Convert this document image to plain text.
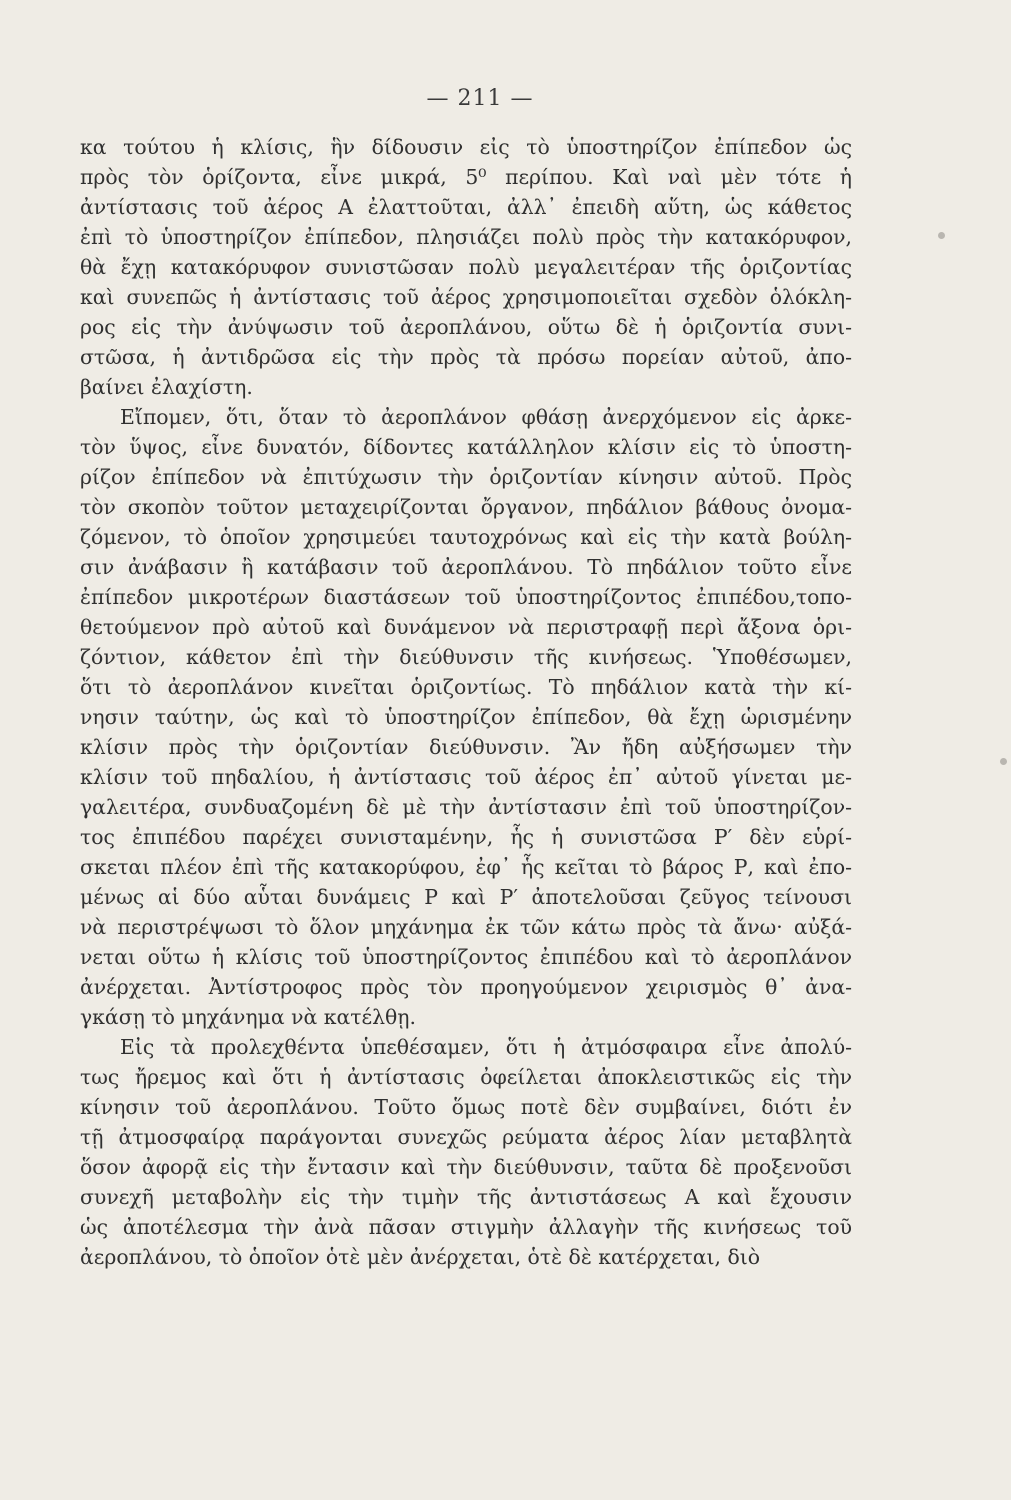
— 211 —
κα τούτου ἡ κλίσις, ἣν δίδουσιν εἰς τὸ ὑποστηρίζον ἐπίπεδον ὡς
πρὸς τὸν ὁρίζοντα, εἶνε μικρά, 5⁰ περίπου. Καὶ ναὶ μὲν τότε ἡ
ἀντίστασις τοῦ ἀέρος Α ἐλαττοῦται, ἀλλ᾽ ἐπειδὴ αὕτη, ὡς κάθετος
ἐπὶ τὸ ὑποστηρίζον ἐπίπεδον, πλησιάζει πολὺ πρὸς τὴν κατακόρυφον,
θὰ ἔχῃ κατακόρυφον συνιστῶσαν πολὺ μεγαλειτέραν τῆς ὁριζοντίας
καὶ συνεπῶς ἡ ἀντίστασις τοῦ ἀέρος χρησιμοποιεῖται σχεδὸν ὁλόκλη-
ρος εἰς τὴν ἀνύψωσιν τοῦ ἀεροπλάνου, οὕτω δὲ ἡ ὁριζοντία συνι-
στῶσα, ἡ ἀντιδρῶσα εἰς τὴν πρὸς τὰ πρόσω πορείαν αὐτοῦ, ἀπο-
βαίνει ἐλαχίστη.
Εἴπομεν, ὅτι, ὅταν τὸ ἀεροπλάνον φθάσῃ ἀνερχόμενον εἰς ἀρκε-
τὸν ὕψος, εἶνε δυνατόν, δίδοντες κατάλληλον κλίσιν εἰς τὸ ὑποστη-
ρίζον ἐπίπεδον νὰ ἐπιτύχωσιν τὴν ὁριζοντίαν κίνησιν αὐτοῦ. Πρὸς
τὸν σκοπὸν τοῦτον μεταχειρίζονται ὄργανον, πηδάλιον βάθους ὀνομα-
ζόμενον, τὸ ὁποῖον χρησιμεύει ταυτοχρόνως καὶ εἰς τὴν κατὰ βούλη-
σιν ἀνάβασιν ἢ κατάβασιν τοῦ ἀεροπλάνου. Τὸ πηδάλιον τοῦτο εἶνε
ἐπίπεδον μικροτέρων διαστάσεων τοῦ ὑποστηρίζοντος ἐπιπέδου,τοπο-
θετούμενον πρὸ αὐτοῦ καὶ δυνάμενον νὰ περιστραφῇ περὶ ἄξονα ὁρι-
ζόντιον, κάθετον ἐπὶ τὴν διεύθυνσιν τῆς κινήσεως. Ὑποθέσωμεν,
ὅτι τὸ ἀεροπλάνον κινεῖται ὁριζοντίως. Τὸ πηδάλιον κατὰ τὴν κί-
νησιν ταύτην, ὡς καὶ τὸ ὑποστηρίζον ἐπίπεδον, θὰ ἔχῃ ὡρισμένην
κλίσιν πρὸς τὴν ὁριζοντίαν διεύθυνσιν. Ἂν ἤδη αὐξήσωμεν τὴν
κλίσιν τοῦ πηδαλίου, ἡ ἀντίστασις τοῦ ἀέρος ἐπ᾽ αὐτοῦ γίνεται με-
γαλειτέρα, συνδυαζομένη δὲ μὲ τὴν ἀντίστασιν ἐπὶ τοῦ ὑποστηρίζον-
τος ἐπιπέδου παρέχει συνισταμένην, ἧς ἡ συνιστῶσα Ρ′ δὲν εὑρί-
σκεται πλέον ἐπὶ τῆς κατακορύφου, ἐφ᾽ ἧς κεῖται τὸ βάρος Ρ, καὶ ἐπο-
μένως αἱ δύο αὗται δυνάμεις Ρ καὶ Ρ′ ἀποτελοῦσαι ζεῦγος τείνουσι
νὰ περιστρέψωσι τὸ ὅλον μηχάνημα ἐκ τῶν κάτω πρὸς τὰ ἄνω· αὐξά-
νεται οὕτω ἡ κλίσις τοῦ ὑποστηρίζοντος ἐπιπέδου καὶ τὸ ἀεροπλάνον
ἀνέρχεται. Ἀντίστροφος πρὸς τὸν προηγούμενον χειρισμὸς θ᾽ ἀνα-
γκάσῃ τὸ μηχάνημα νὰ κατέλθῃ.
Εἰς τὰ προλεχθέντα ὑπεθέσαμεν, ὅτι ἡ ἀτμόσφαιρα εἶνε ἀπολύ-
τως ἤρεμος καὶ ὅτι ἡ ἀντίστασις ὀφείλεται ἀποκλειστικῶς εἰς τὴν
κίνησιν τοῦ ἀεροπλάνου. Τοῦτο ὅμως ποτὲ δὲν συμβαίνει, διότι ἐν
τῇ ἀτμοσφαίρᾳ παράγονται συνεχῶς ρεύματα ἀέρος λίαν μεταβλητὰ
ὅσον ἀφορᾷ εἰς τὴν ἔντασιν καὶ τὴν διεύθυνσιν, ταῦτα δὲ προξενοῦσι
συνεχῆ μεταβολὴν εἰς τὴν τιμὴν τῆς ἀντιστάσεως Α καὶ ἔχουσιν
ὡς ἀποτέλεσμα τὴν ἀνὰ πᾶσαν στιγμὴν ἀλλαγὴν τῆς κινήσεως τοῦ
ἀεροπλάνου, τὸ ὁποῖον ὁτὲ μὲν ἀνέρχεται, ὁτὲ δὲ κατέρχεται, διὸ
